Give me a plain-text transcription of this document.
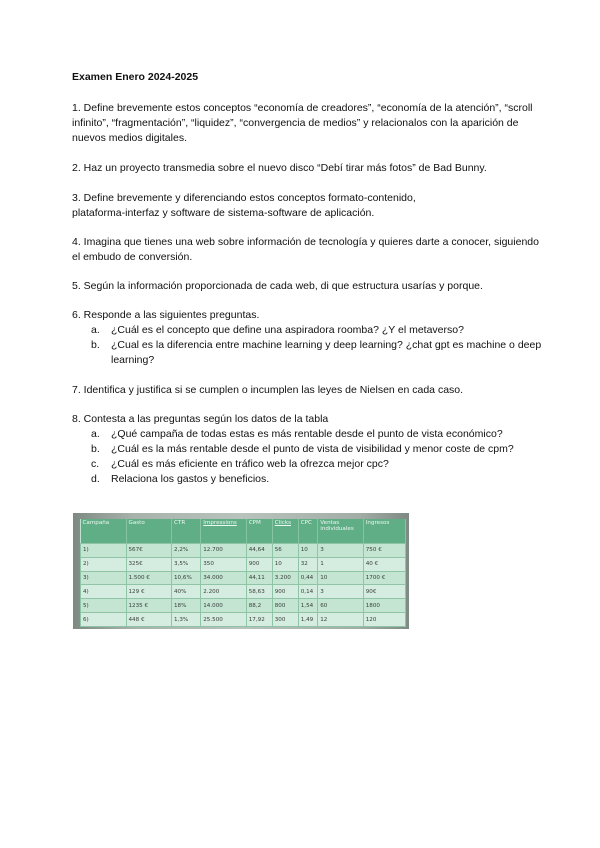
Examen Enero 2024-2025

1. Define brevemente estos conceptos “economía de creadores”, “economía de la atención”, “scroll infinito”, “fragmentación”, “liquidez”, “convergencia de medios” y relacionalos con la aparición de nuevos medios digitales.

2. Haz un proyecto transmedia sobre el nuevo disco “Debí tirar más fotos” de Bad Bunny.

3. Define brevemente y diferenciando estos conceptos formato-contenido,

plataforma-interfaz y software de sistema-software de aplicación.

4. Imagina que tienes una web sobre información de tecnología y quieres darte a conocer, siguiendo el embudo de conversión.

5. Según la información proporcionada de cada web, di que estructura usarías y porque.

6. Responde a las siguientes preguntas.

a. ¿Cuál es el concepto que define una aspiradora roomba? ¿Y el metaverso?
b. ¿Cual es la diferencia entre machine learning y deep learning? ¿chat gpt es machine o deep learning?

7. Identifica y justifica si se cumplen o incumplen las leyes de Nielsen en cada caso.

8. Contesta a las preguntas según los datos de la tabla

a. ¿Qué campaña de todas estas es más rentable desde el punto de vista económico?
b. ¿Cuál es la más rentable desde el punto de vista de visibilidad y menor coste de cpm?
c. ¿Cuál es más eficiente en tráfico web la ofrezca mejor cpc?
d. Relaciona los gastos y beneficios.
Campaña	Gasto	CTR	Impressions	CPM	Clicks	CPC	Ventas individuales	Ingresos
1)	567€	2,2%	12.700	44,64	56	10	3	750 €
2)	325€	3,5%	350	900	10	32	1	40 €
3)	1.500 €	10,6%	34.000	44,11	3.200	0,44	10	1700 €
4)	129 €	40%	2.200	58,63	900	0,14	3	90€
5)	1235 €	18%	14.000	88,2	800	1,54	60	1800
6)	448 €	1,3%	25.500	17,92	300	1,49	12	120
